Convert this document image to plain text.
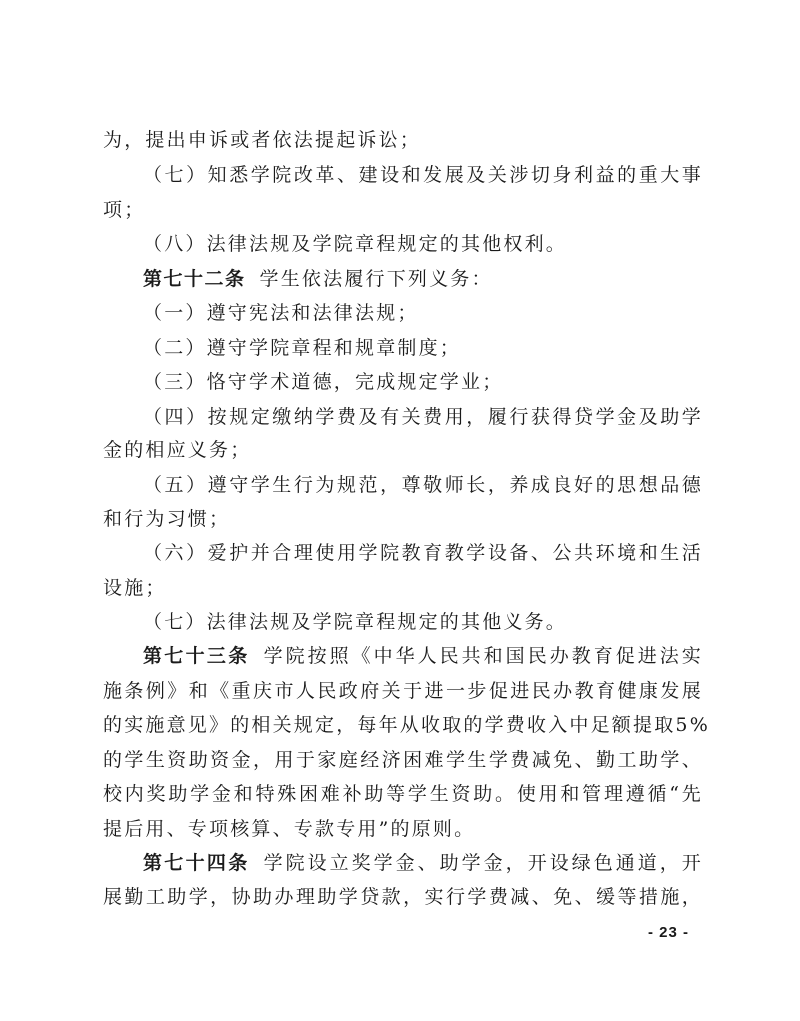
为，提出申诉或者依法提起诉讼；
（七）知悉学院改革、建设和发展及关涉切身利益的重大事
项；
（八）法律法规及学院章程规定的其他权利。
第七十二条 学生依法履行下列义务：
（一）遵守宪法和法律法规；
（二）遵守学院章程和规章制度；
（三）恪守学术道德，完成规定学业；
（四）按规定缴纳学费及有关费用，履行获得贷学金及助学
金的相应义务；
（五）遵守学生行为规范，尊敬师长，养成良好的思想品德
和行为习惯；
（六）爱护并合理使用学院教育教学设备、公共环境和生活
设施；
（七）法律法规及学院章程规定的其他义务。
第七十三条 学院按照《中华人民共和国民办教育促进法实
施条例》和《重庆市人民政府关于进一步促进民办教育健康发展
的实施意见》的相关规定，每年从收取的学费收入中足额提取5%
的学生资助资金，用于家庭经济困难学生学费减免、勤工助学、
校内奖助学金和特殊困难补助等学生资助。使用和管理遵循“先
提后用、专项核算、专款专用”的原则。
第七十四条 学院设立奖学金、助学金，开设绿色通道，开
展勤工助学，协助办理助学贷款，实行学费减、免、缓等措施，
- 23 -
